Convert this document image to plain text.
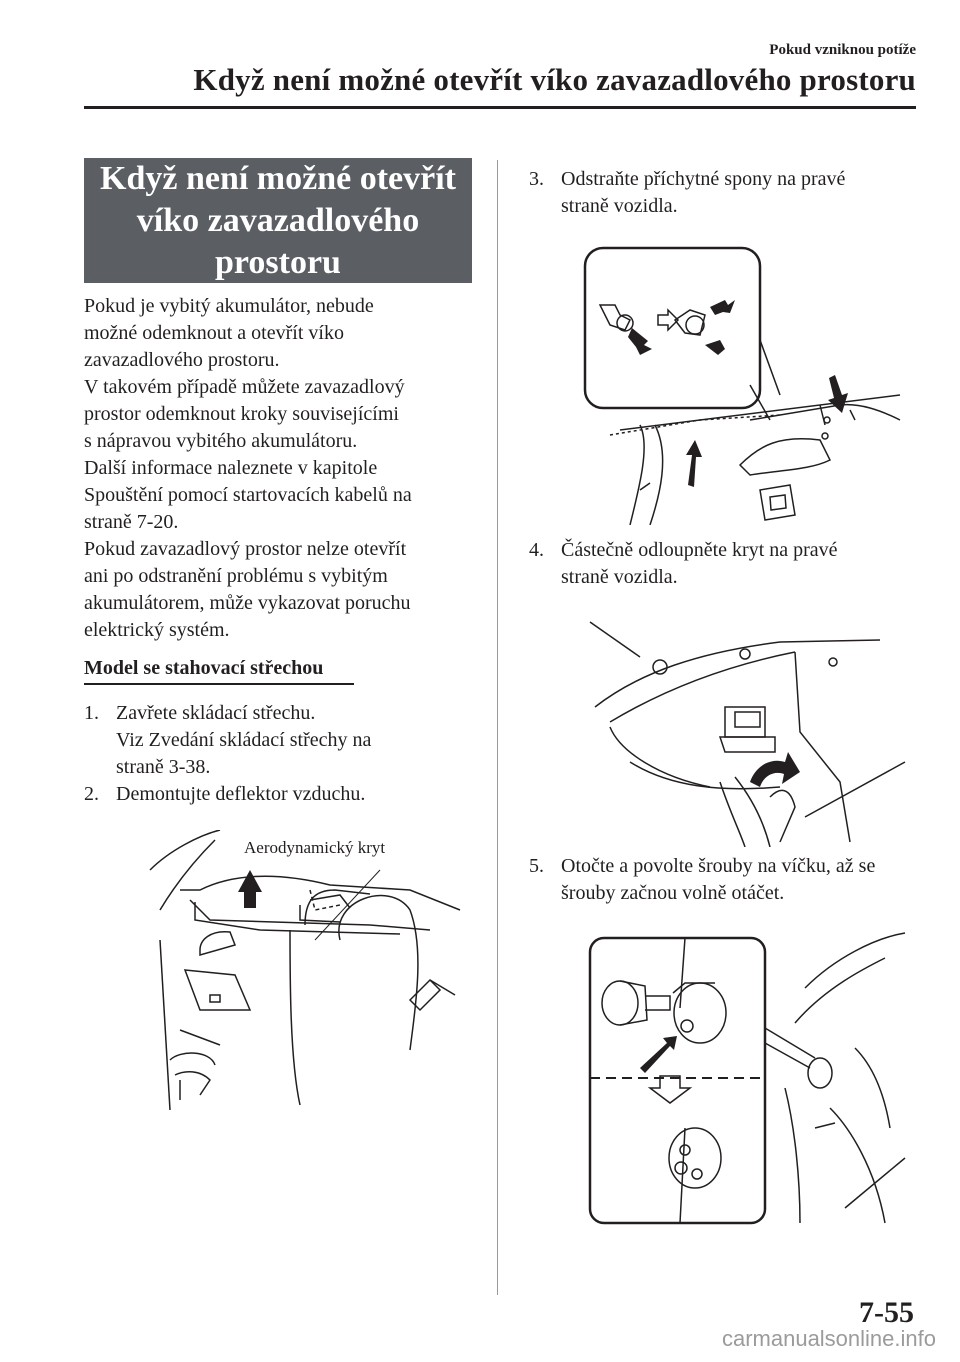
Pokud vzniknou potíže
Když není možné otevřít víko zavazadlového prostoru
Když není možné otevřít
víko zavazadlového
prostoru

Pokud je vybitý akumulátor, nebude

možné odemknout a otevřít víko

zavazadlového prostoru.

V takovém případě můžete zavazadlový

prostor odemknout kroky souvisejícími

s nápravou vybitého akumulátoru.

Další informace naleznete v kapitole

Spouštění pomocí startovacích kabelů na

straně 7-20.

Pokud zavazadlový prostor nelze otevřít

ani po odstranění problému s vybitým

akumulátorem, může vykazovat poruchu

elektrický systém.

Model se stahovací střechou
1. Zavřete skládací střechu.
Viz Zvedání skládací střechy na
straně 3-38.
2. Demontujte deflektor vzduchu.
Aerodynamický kryt
3. Odstraňte příchytné spony na pravé
straně vozidla.
4. Částečně odloupněte kryt na pravé
straně vozidla.
5. Otočte a povolte šrouby na víčku, až se
šrouby začnou volně otáčet.
7-55
carmanualsonline.info
